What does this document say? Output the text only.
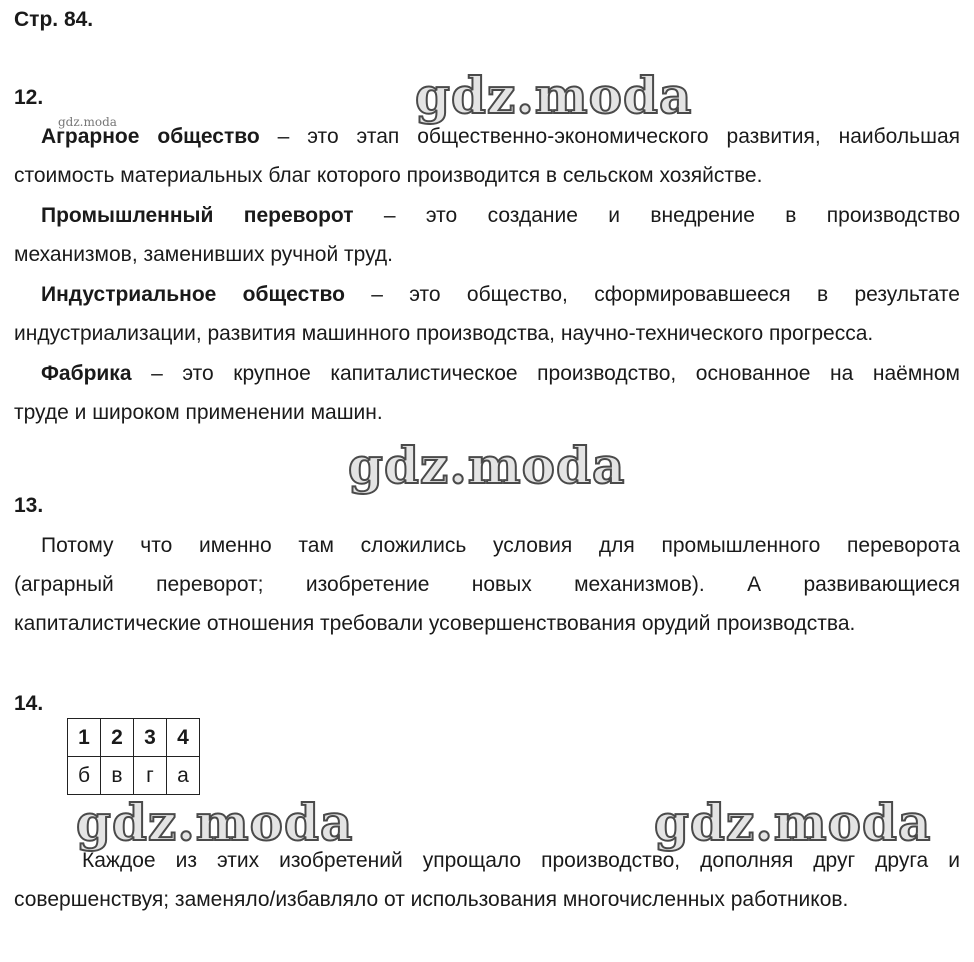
Стр. 84.
gdz.moda
gdz.moda
gdz.moda
gdz.moda	gdz.moda
12.
Аграрное общество – это этап общественно-экономического развития, наибольшая
стоимость материальных благ которого производится в сельском хозяйстве.
Промышленный переворот – это создание и внедрение в производство
механизмов, заменивших ручной труд.
Индустриальное общество – это общество, сформировавшееся в результате
индустриализации, развития машинного производства, научно-технического прогресса.
Фабрика – это крупное капиталистическое производство, основанное на наёмном
труде и широком применении машин.
13.
Потому что именно там сложились условия для промышленного переворота
(аграрный переворот; изобретение новых механизмов). А развивающиеся
капиталистические отношения требовали усовершенствования орудий производства.
14.
1	2	3	4
б	в	г	а
Каждое из этих изобретений упрощало производство, дополняя друг друга и
совершенствуя; заменяло/избавляло от использования многочисленных работников.
